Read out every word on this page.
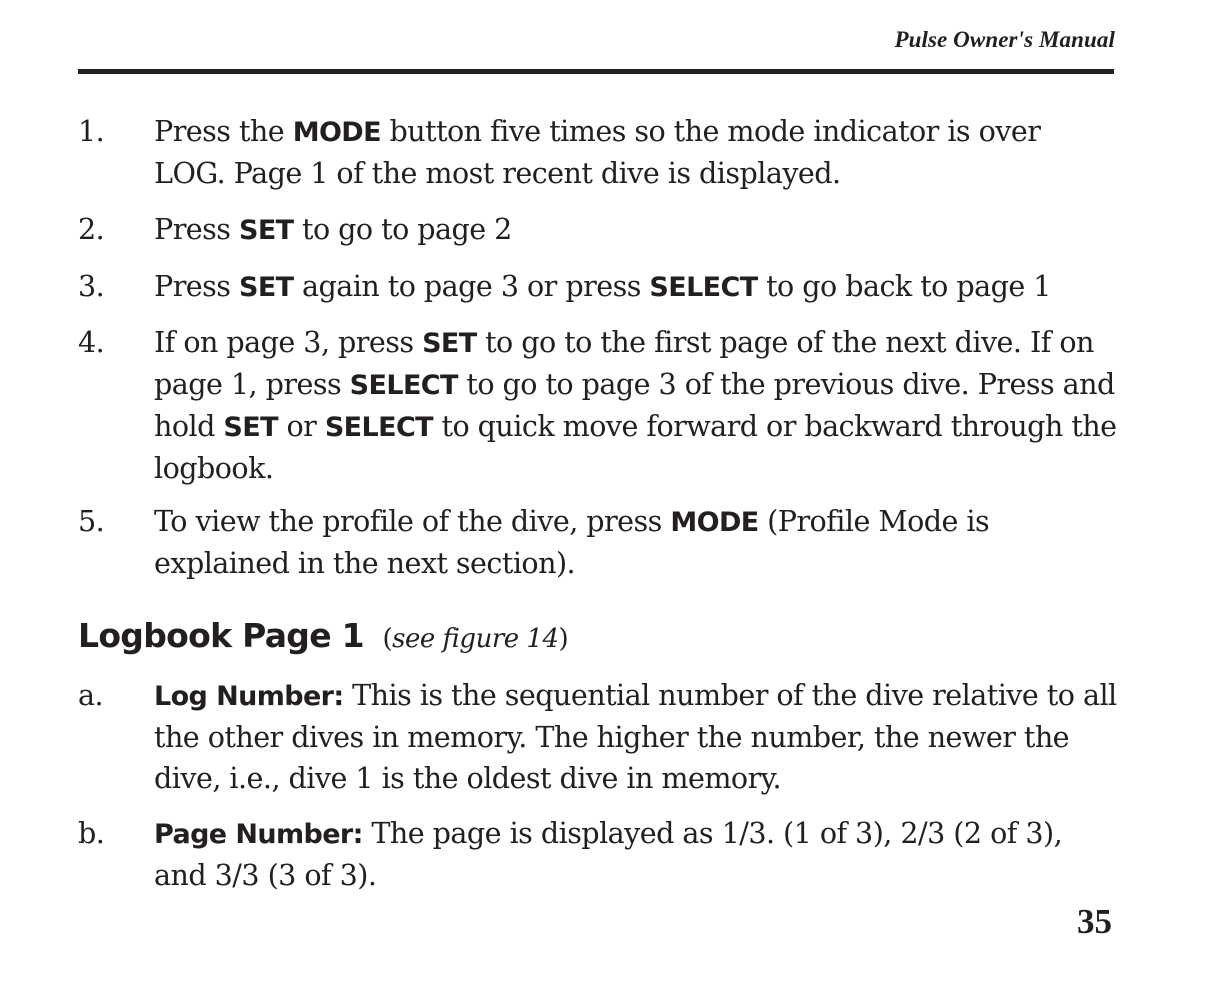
Pulse Owner's Manual
1. Press the MODE button five times so the mode indicator is over LOG. Page 1 of the most recent dive is displayed.
2. Press SET to go to page 2
3. Press SET again to page 3 or press SELECT to go back to page 1
4. If on page 3, press SET to go to the first page of the next dive. If on page 1, press SELECT to go to page 3 of the previous dive. Press and hold SET or SELECT to quick move forward or backward through the logbook.
5. To view the profile of the dive, press MODE (Profile Mode is explained in the next section).
Logbook Page 1 (see figure 14)
a. Log Number: This is the sequential number of the dive relative to all the other dives in memory. The higher the number, the newer the dive, i.e., dive 1 is the oldest dive in memory.
b. Page Number: The page is displayed as 1/3. (1 of 3), 2/3 (2 of 3), and 3/3 (3 of 3).
35
